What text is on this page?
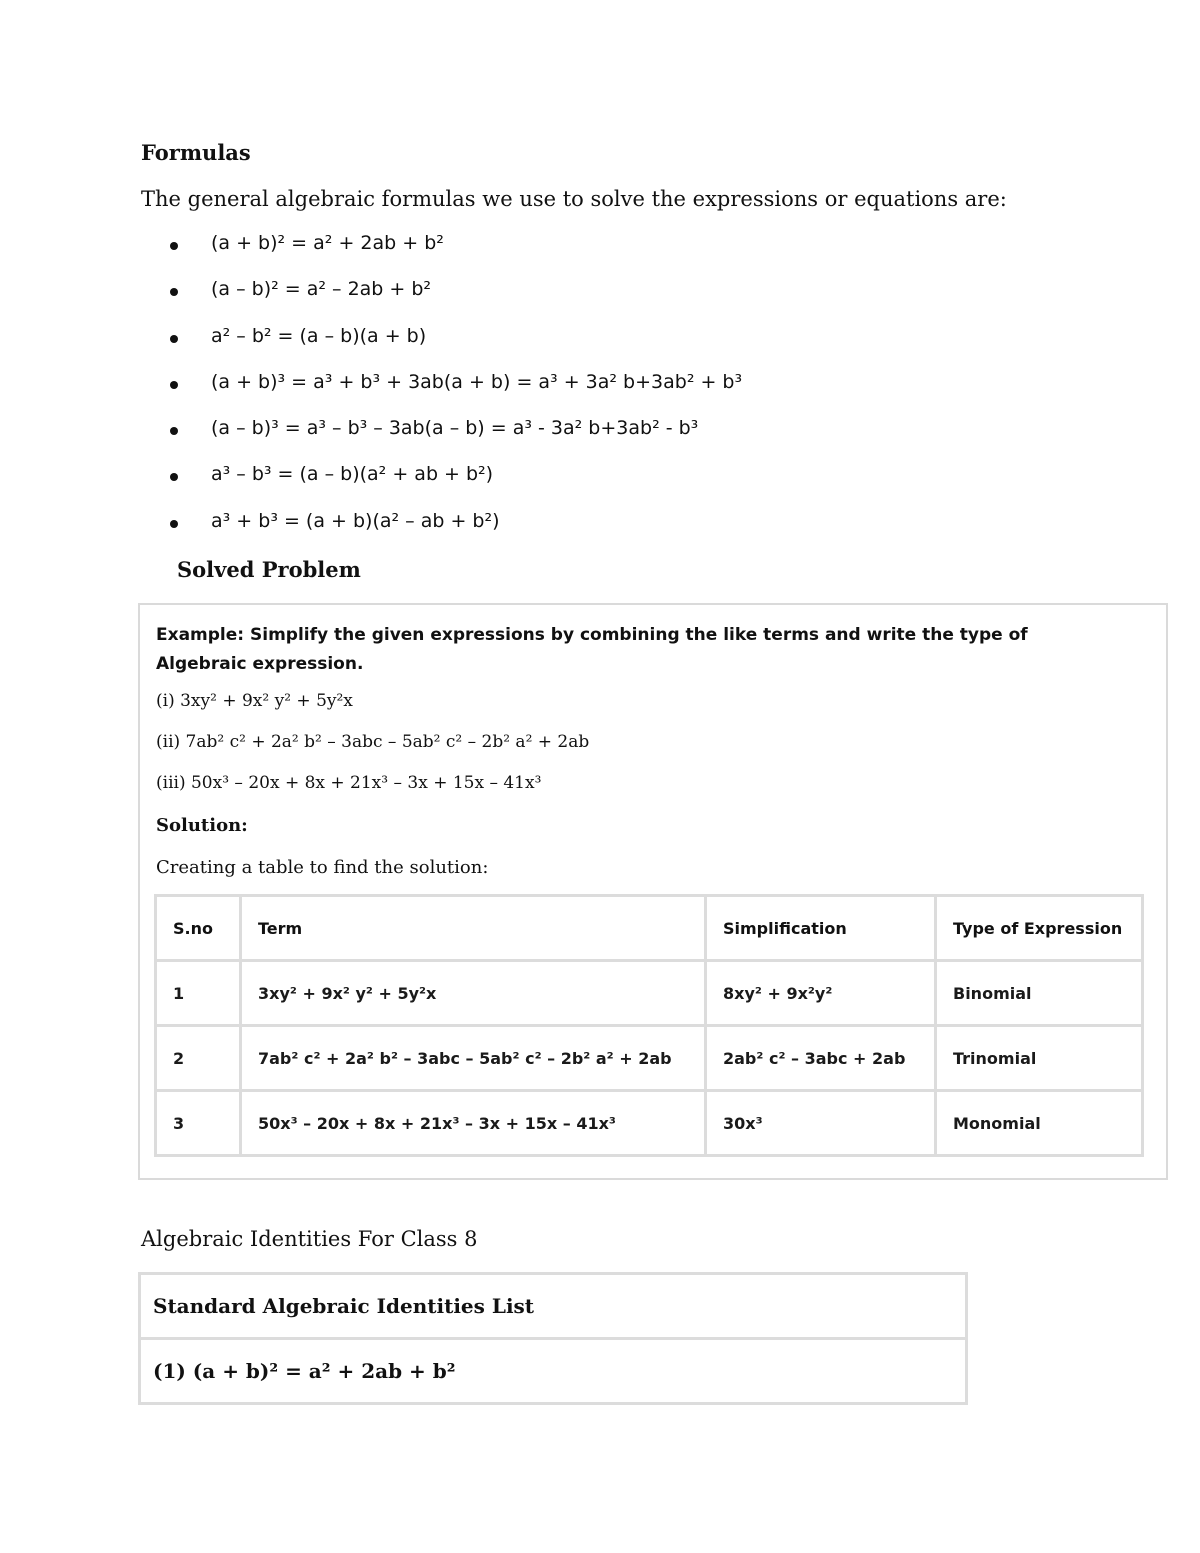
Formulas

The general algebraic formulas we use to solve the expressions or equations are:

(a + b)² = a² + 2ab + b²
(a – b)² = a² – 2ab + b²
a² – b² = (a – b)(a + b)
(a + b)³ = a³ + b³ + 3ab(a + b) = a³ + 3a² b+3ab² + b³
(a – b)³ = a³ – b³ – 3ab(a – b) = a³ - 3a² b+3ab² - b³
a³ – b³ = (a – b)(a² + ab + b²)
a³ + b³ = (a + b)(a² – ab + b²)

Solved Problem

Example: Simplify the given expressions by combining the like terms and write the type of Algebraic expression.

(i) 3xy² + 9x² y² + 5y²x

(ii) 7ab² c² + 2a² b² – 3abc – 5ab² c² – 2b² a² + 2ab

(iii) 50x³ – 20x + 8x + 21x³ – 3x + 15x – 41x³

Solution:

Creating a table to find the solution:

S.no	Term	Simplification	Type of Expression
1	3xy² + 9x² y² + 5y²x	8xy² + 9x²y²	Binomial
2	7ab² c² + 2a² b² – 3abc – 5ab² c² – 2b² a² + 2ab	2ab² c² – 3abc + 2ab	Trinomial
3	50x³ – 20x + 8x + 21x³ – 3x + 15x – 41x³	30x³	Monomial

Algebraic Identities For Class 8

Standard Algebraic Identities List
(1) (a + b)² = a² + 2ab + b²
